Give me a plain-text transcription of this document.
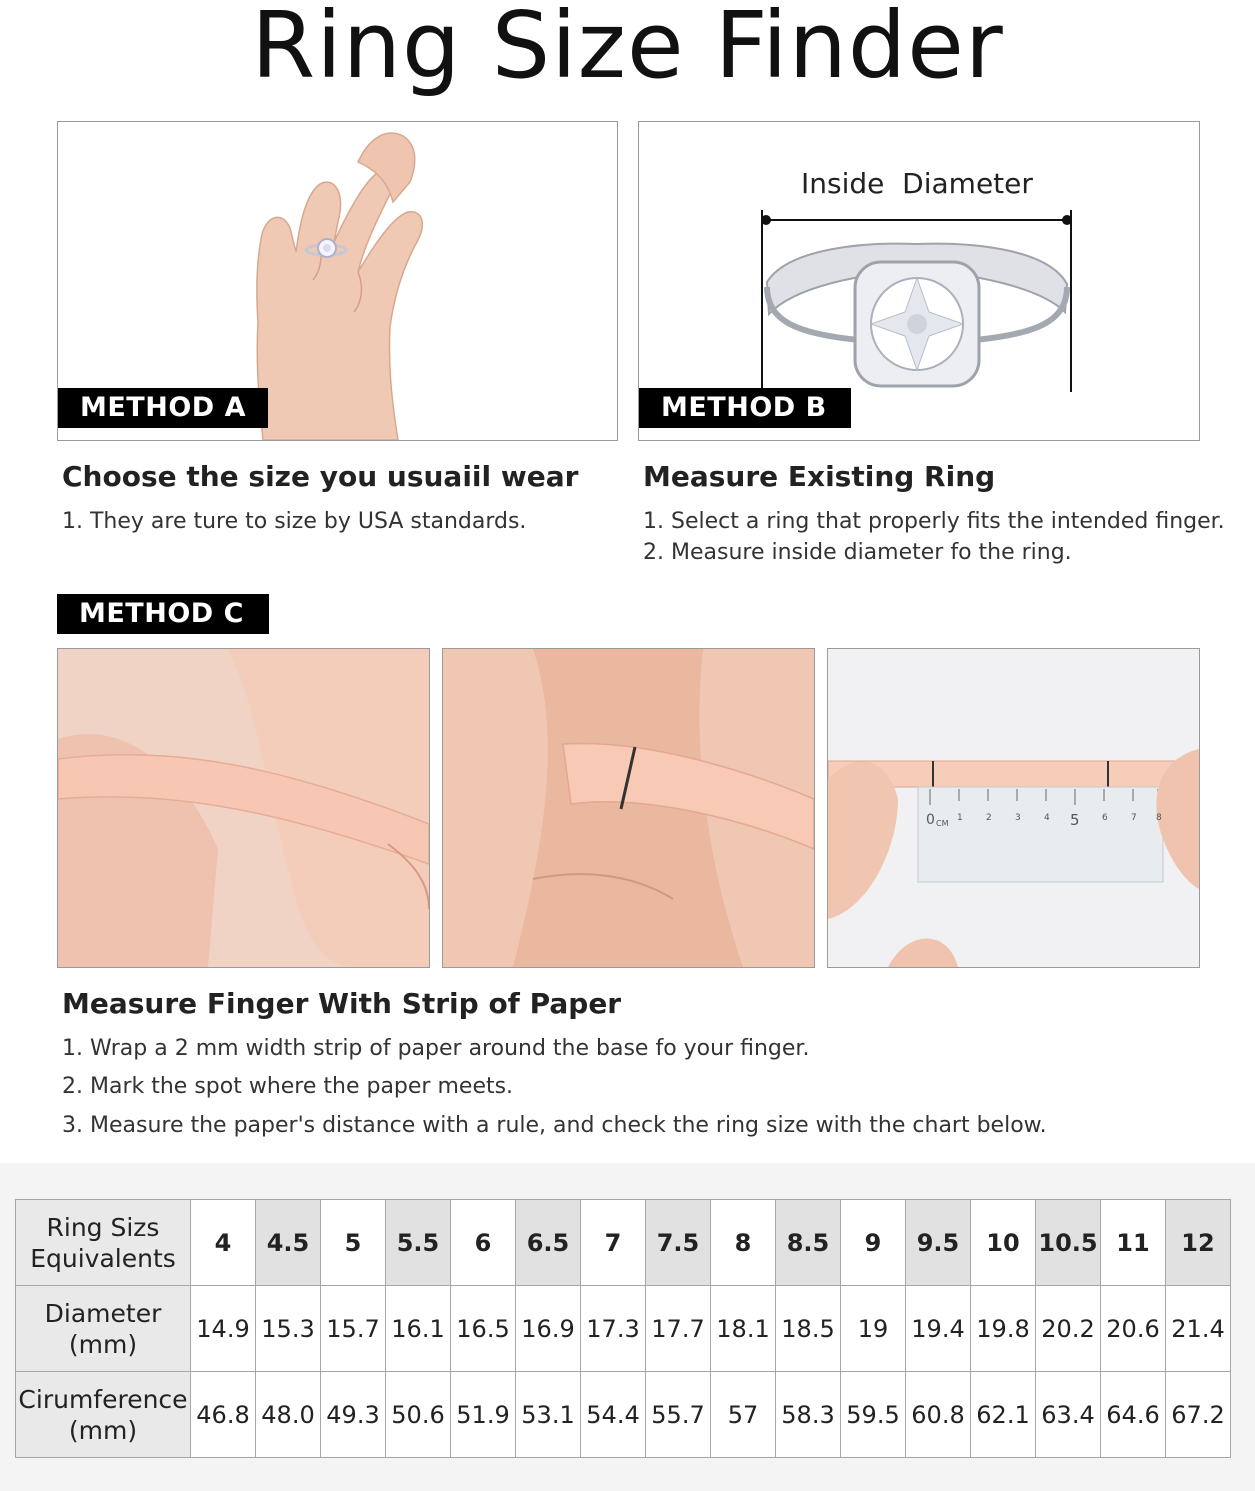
Ring Size Finder
METHOD A
Inside  Diameter
METHOD B
Choose the size you usuaiil wear
1. They are ture to size by USA standards.
Measure Existing Ring
1. Select a ring that properly fits the intended finger.
2. Measure inside diameter fo the ring.
METHOD C
0 CM
1	2	3	4 5 6	7 8
Measure Finger With Strip of Paper
1. Wrap a 2 mm width strip of paper around the base fo your finger.
2. Mark the spot where the paper meets.
3. Measure the paper's distance with a rule, and check the ring size with the chart below.
Ring Sizs
Equivalents	4	4.5	5	5.5	6	6.5	7	7.5	8	8.5	9	9.5	10	10.5	11	12

Diameter
(mm)	14.9	15.3	15.7	16.1	16.5	16.9	17.3	17.7	18.1	18.5	19	19.4	19.8	20.2	20.6	21.4

Cirumference
(mm)	46.8	48.0	49.3	50.6	51.9	53.1	54.4	55.7	57	58.3	59.5	60.8	62.1	63.4	64.6	67.2
